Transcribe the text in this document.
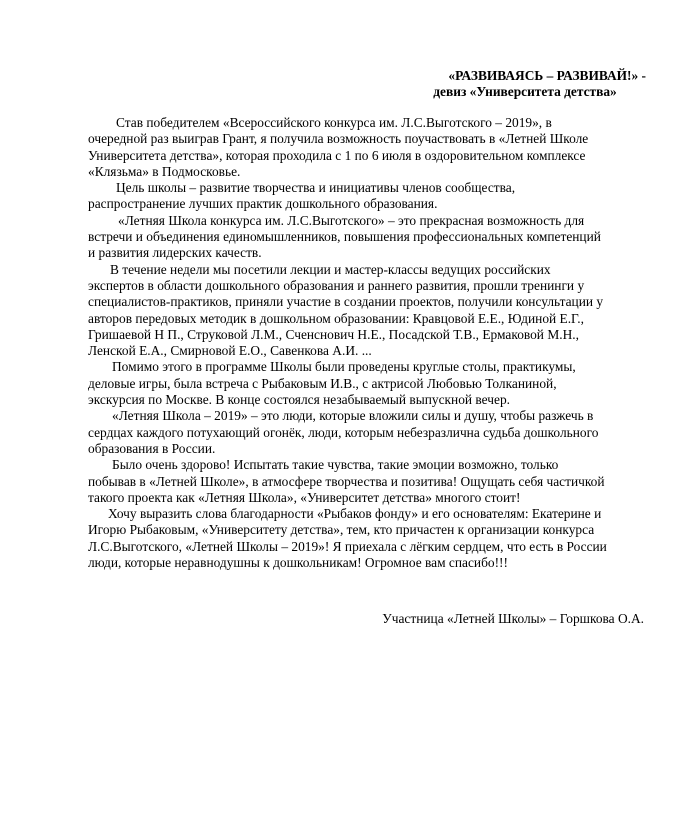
«РАЗВИВАЯСЬ – РАЗВИВАЙ!» -
девиз «Университета детства»

Став победителем «Всероссийского конкурса им. Л.С.Выготского – 2019», в
очередной раз выиграв Грант, я получила возможность поучаствовать в «Летней Школе
Университета детства», которая проходила с 1 по 6 июля в оздоровительном комплексе
«Клязьма» в Подмосковье.

Цель школы – развитие творчества и инициативы членов сообщества,
распространение лучших практик дошкольного образования.

«Летняя Школа конкурса им. Л.С.Выготского» – это прекрасная возможность для
встречи и объединения единомышленников, повышения профессиональных компетенций
и развития лидерских качеств.

В течение недели мы посетили лекции и мастер-классы ведущих российских
экспертов в области дошкольного образования и раннего развития, прошли тренинги у
специалистов-практиков, приняли участие в создании проектов, получили консультации у
авторов передовых методик в дошкольном образовании: Кравцовой Е.Е., Юдиной Е.Г.,
Гришаевой Н П., Струковой Л.М., Сченснович Н.Е., Посадской Т.В., Ермаковой М.Н.,
Ленской Е.А., Смирновой Е.О., Савенкова А.И. ...

Помимо этого в программе Школы были проведены круглые столы, практикумы,
деловые игры, была встреча с Рыбаковым И.В., с актрисой Любовью Толканиной,
экскурсия по Москве. В конце состоялся незабываемый выпускной вечер.

«Летняя Школа – 2019» – это люди, которые вложили силы и душу, чтобы разжечь в
сердцах каждого потухающий огонёк, люди, которым небезразлична судьба дошкольного
образования в России.

Было очень здорово! Испытать такие чувства, такие эмоции возможно, только
побывав в «Летней Школе», в атмосфере творчества и позитива! Ощущать себя частичкой
такого проекта как «Летняя Школа», «Университет детства» многого стоит!

Хочу выразить слова благодарности «Рыбаков фонду» и его основателям: Екатерине и
Игорю Рыбаковым, «Университету детства», тем, кто причастен к организации конкурса
Л.С.Выготского, «Летней Школы – 2019»! Я приехала с лёгким сердцем, что есть в России
люди, которые неравнодушны к дошкольникам! Огромное вам спасибо!!!

Участница «Летней Школы» – Горшкова О.А.
